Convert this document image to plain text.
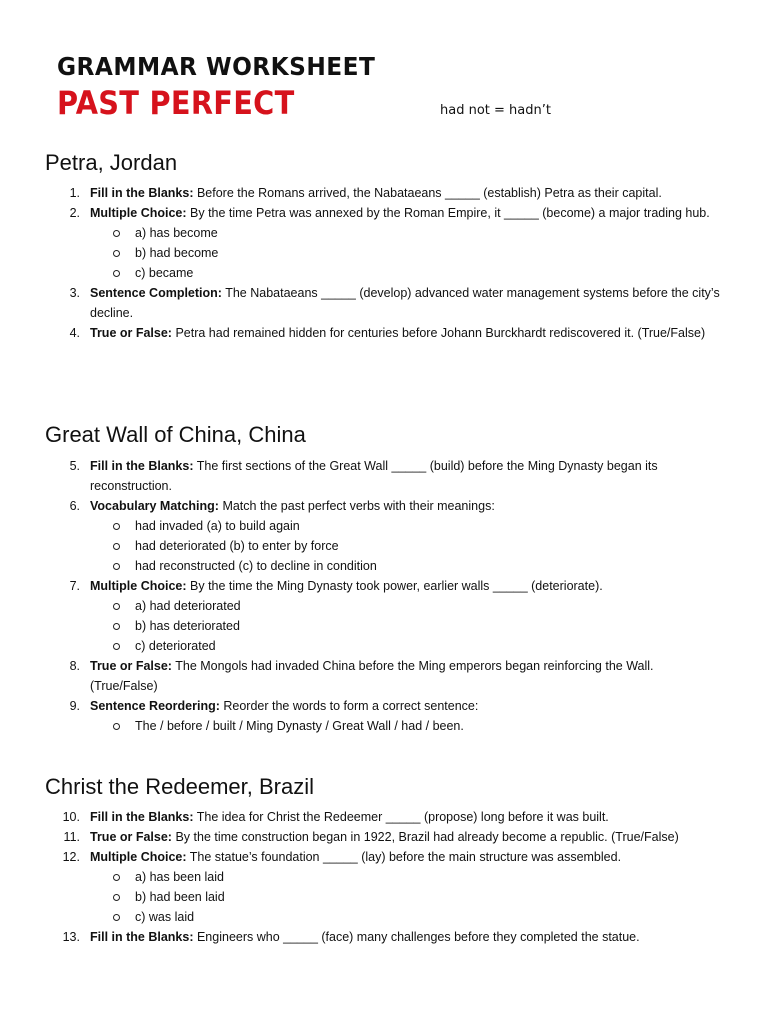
GRAMMAR WORKSHEET
PAST PERFECT	had not = hadn’t
Petra, Jordan
1. Fill in the Blanks: Before the Romans arrived, the Nabataeans _____ (establish) Petra as their capital.
2. Multiple Choice: By the time Petra was annexed by the Roman Empire, it _____ (become) a major trading hub.
a) has become
b) had become
c) became
3. Sentence Completion: The Nabataeans _____ (develop) advanced water management systems before the city’s decline.
4. True or False: Petra had remained hidden for centuries before Johann Burckhardt rediscovered it. (True/False)
Great Wall of China, China
5. Fill in the Blanks: The first sections of the Great Wall _____ (build) before the Ming Dynasty began its reconstruction.
6. Vocabulary Matching: Match the past perfect verbs with their meanings:
had invaded (a) to build again
had deteriorated (b) to enter by force
had reconstructed (c) to decline in condition
7. Multiple Choice: By the time the Ming Dynasty took power, earlier walls _____ (deteriorate).
a) had deteriorated
b) has deteriorated
c) deteriorated
8. True or False: The Mongols had invaded China before the Ming emperors began reinforcing the Wall. (True/False)
9. Sentence Reordering: Reorder the words to form a correct sentence:
The / before / built / Ming Dynasty / Great Wall / had / been.
Christ the Redeemer, Brazil
10. Fill in the Blanks: The idea for Christ the Redeemer _____ (propose) long before it was built.
11. True or False: By the time construction began in 1922, Brazil had already become a republic. (True/False)
12. Multiple Choice: The statue’s foundation _____ (lay) before the main structure was assembled.
a) has been laid
b) had been laid
c) was laid
13. Fill in the Blanks: Engineers who _____ (face) many challenges before they completed the statue.
